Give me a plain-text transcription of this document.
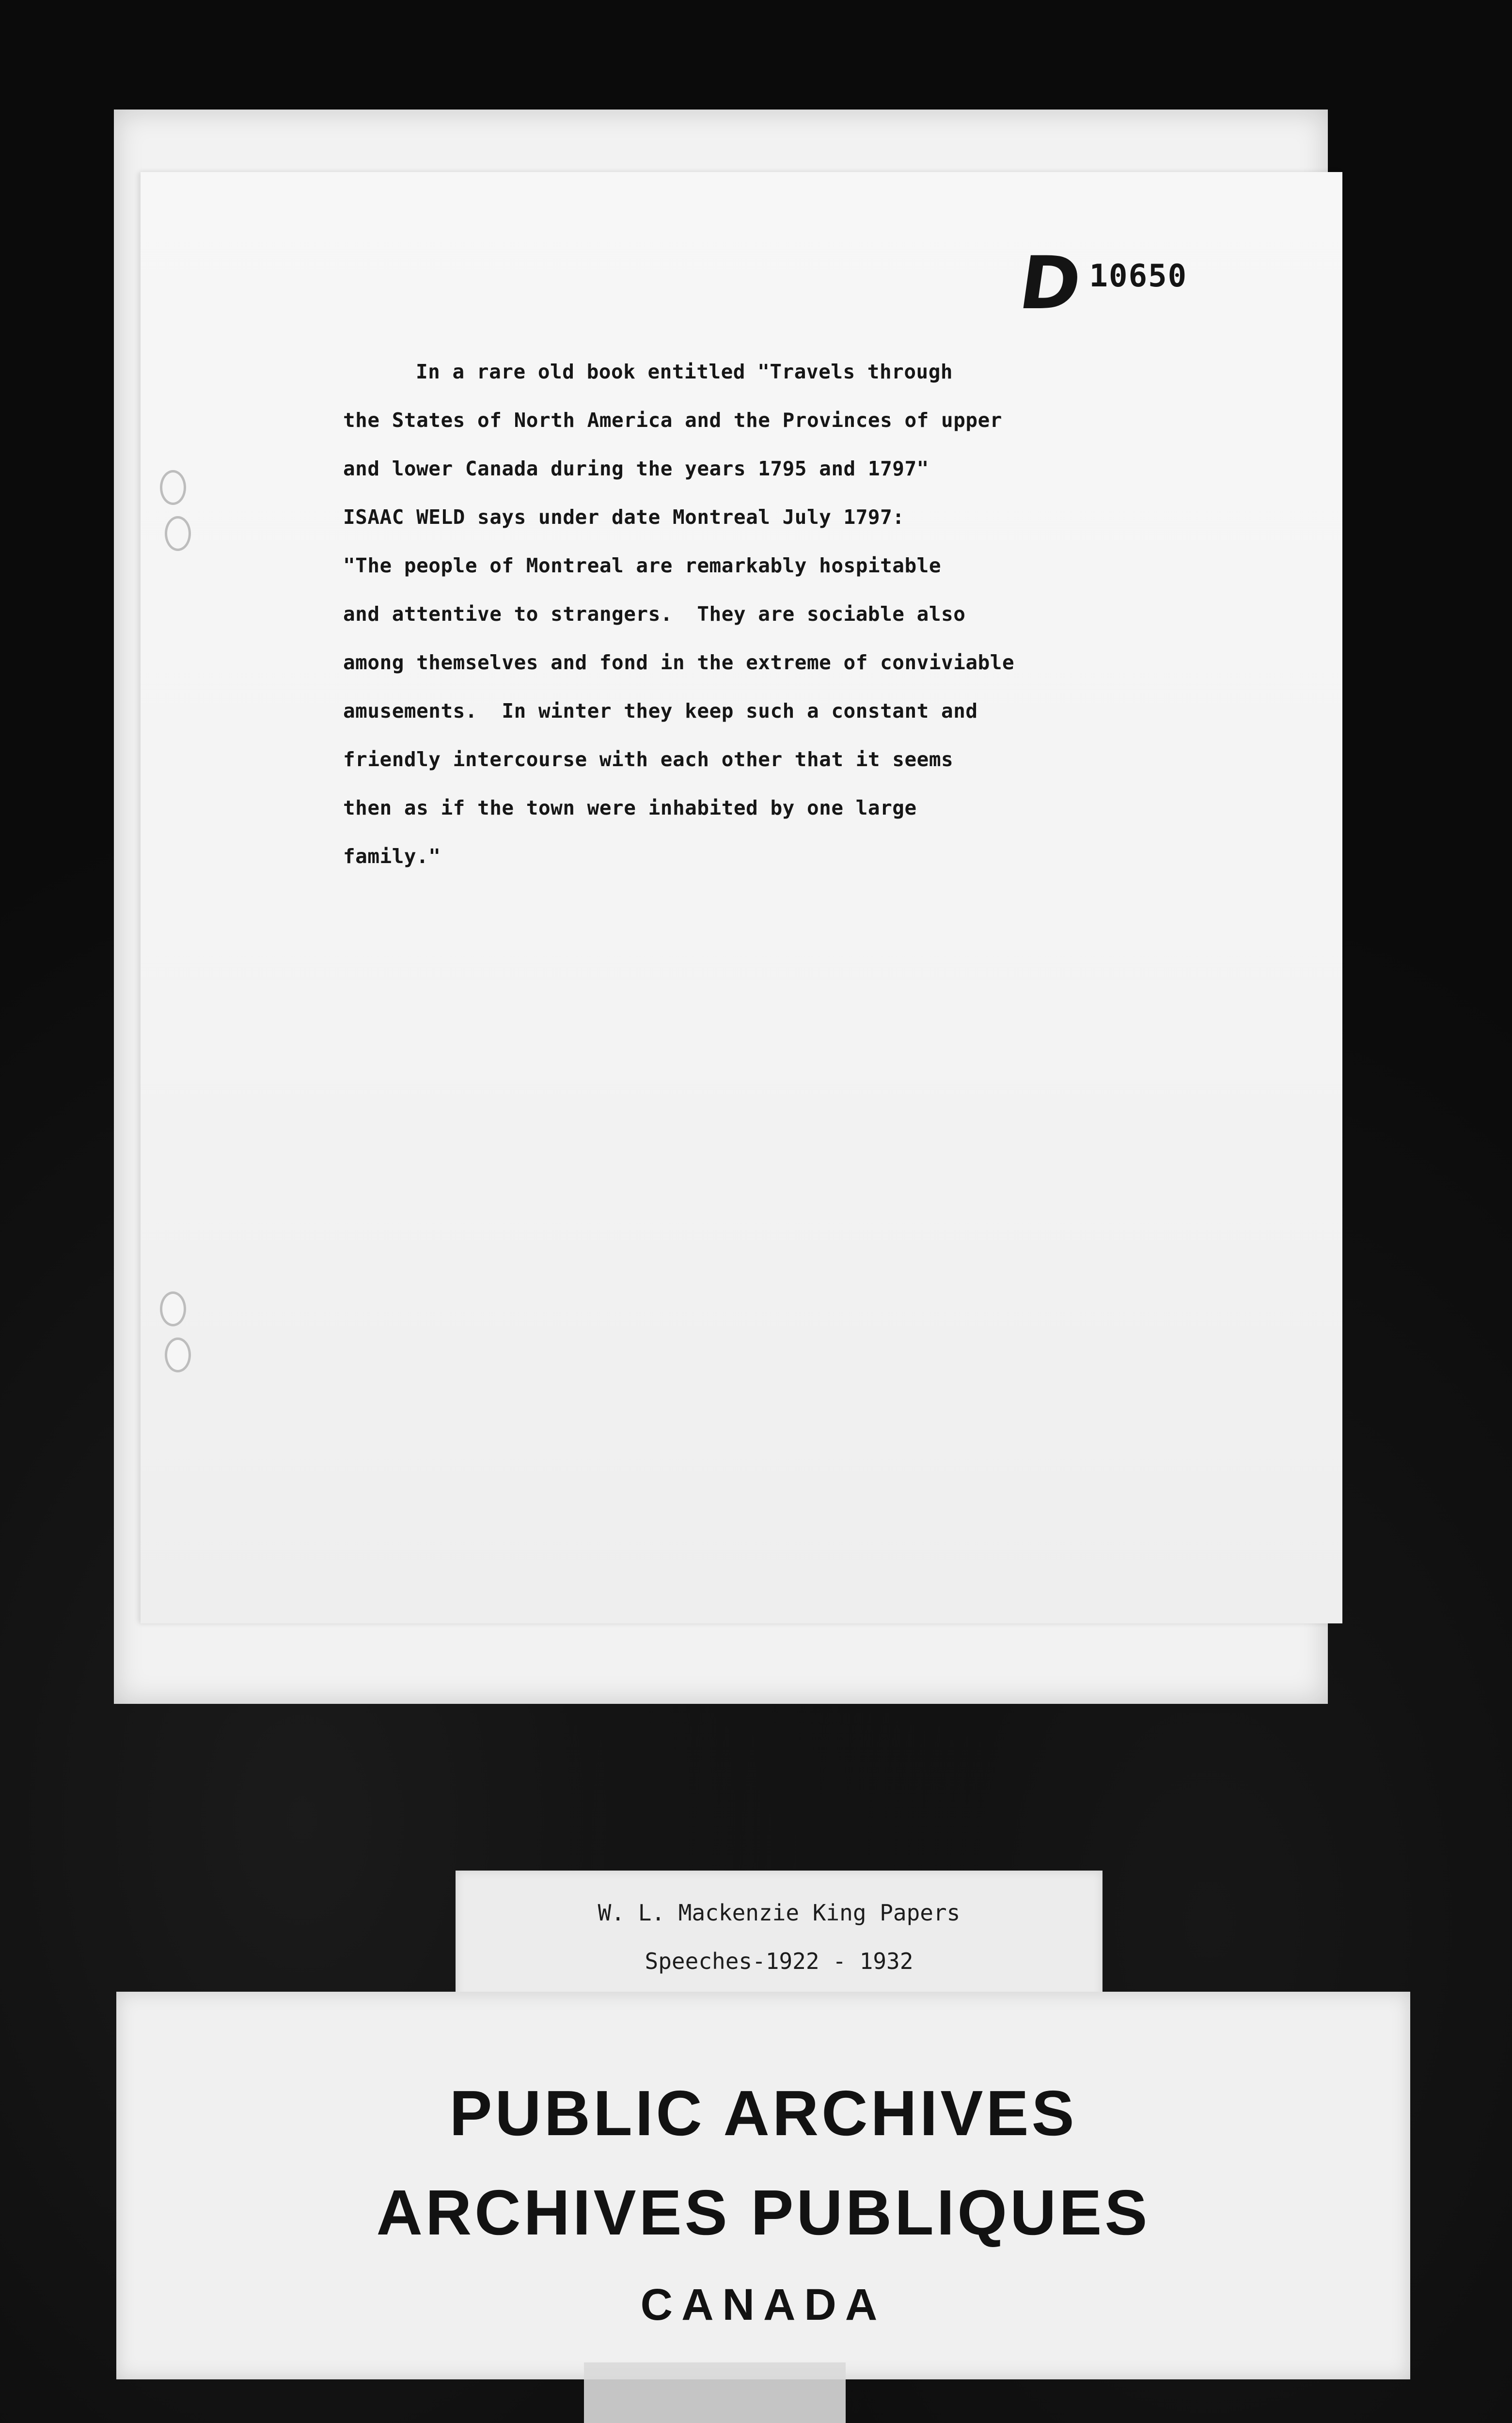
D 10650
In a rare old book entitled "Travels through
the States of North America and the Provinces of upper
and lower Canada during the years 1795 and 1797"
ISAAC WELD says under date Montreal July 1797:
"The people of Montreal are remarkably hospitable
and attentive to strangers.  They are sociable also
among themselves and fond in the extreme of conviviable
amusements.  In winter they keep such a constant and
friendly intercourse with each other that it seems
then as if the town were inhabited by one large
family."
W. L. Mackenzie King Papers
Speeches-1922 - 1932
PUBLIC ARCHIVES
ARCHIVES PUBLIQUES
CANADA
